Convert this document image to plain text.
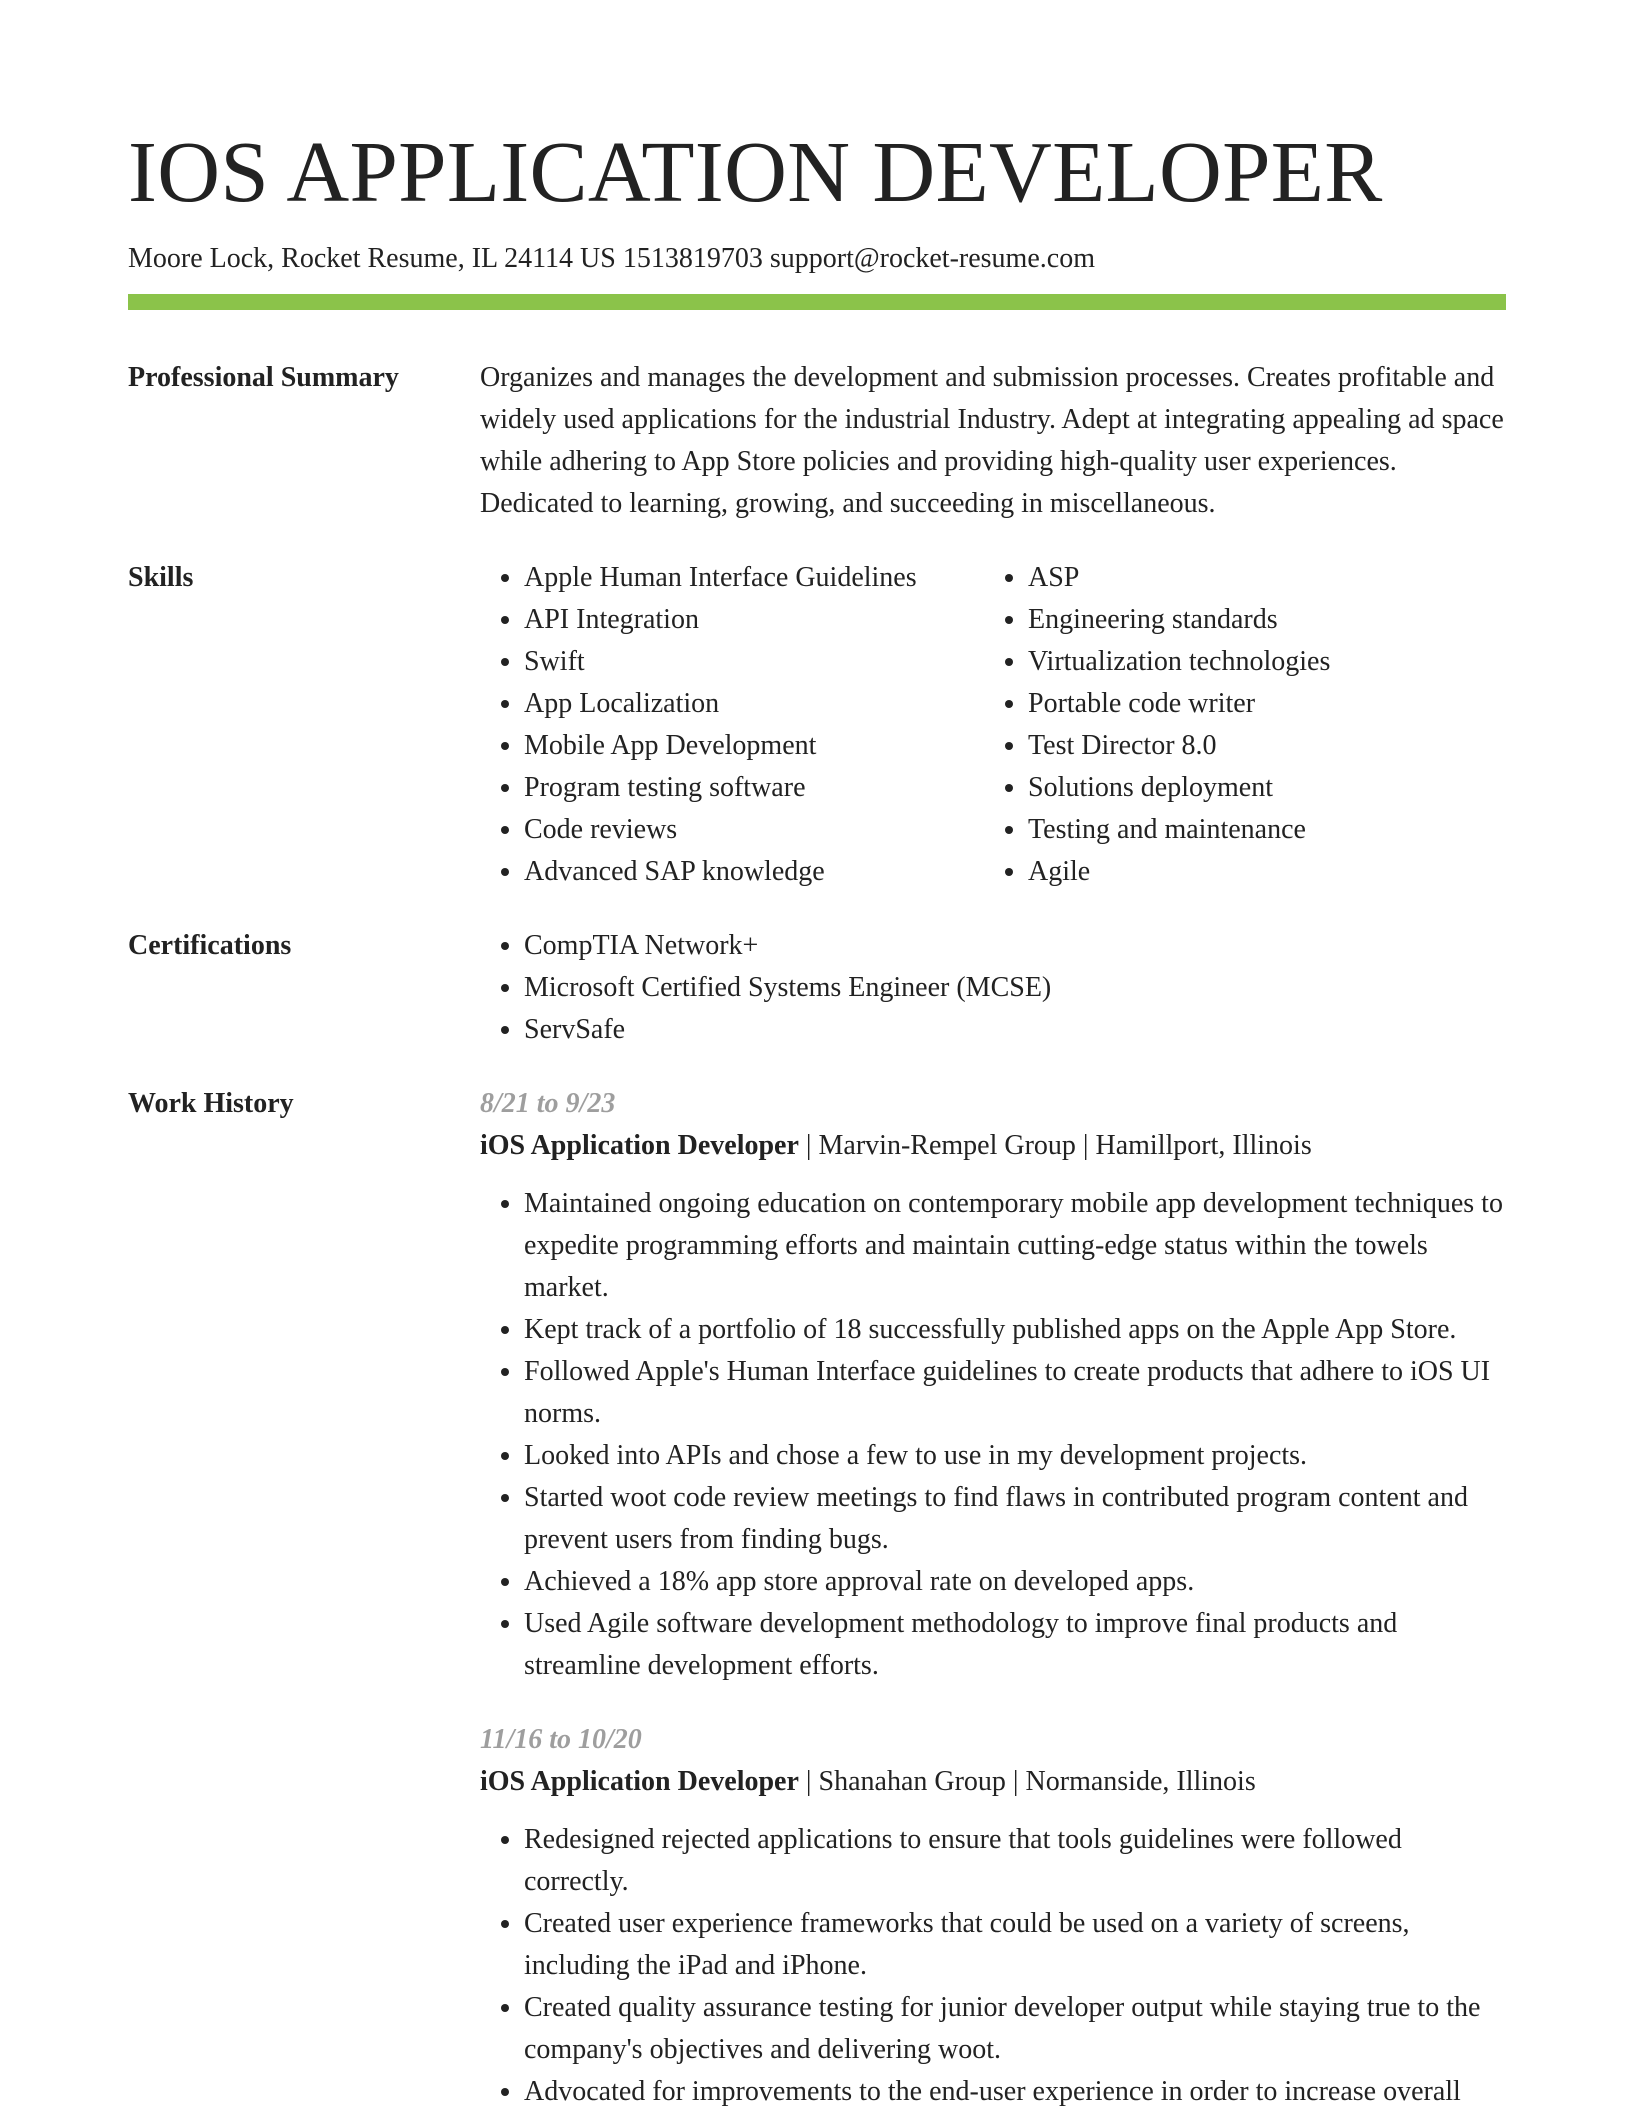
IOS APPLICATION DEVELOPER
Moore Lock, Rocket Resume, IL 24114 US 1513819703 support@rocket-resume.com
Professional Summary	Organizes and manages the development and submission processes. Creates profitable and widely used applications for the industrial Industry. Adept at integrating appealing ad space while adhering to App Store policies and providing high-quality user experiences. Dedicated to learning, growing, and succeeding in miscellaneous.
Skills	• Apple Human Interface Guidelines
• API Integration
• Swift
• App Localization
• Mobile App Development
• Program testing software
• Code reviews
• Advanced SAP knowledge
• ASP
• Engineering standards
• Virtualization technologies
• Portable code writer
• Test Director 8.0
• Solutions deployment
• Testing and maintenance
• Agile
Certifications	• CompTIA Network+
• Microsoft Certified Systems Engineer (MCSE)
• ServSafe
Work History	8/21 to 9/23
iOS Application Developer | Marvin-Rempel Group | Hamillport, Illinois
• Maintained ongoing education on contemporary mobile app development techniques to expedite programming efforts and maintain cutting-edge status within the towels market.
• Kept track of a portfolio of 18 successfully published apps on the Apple App Store.
• Followed Apple's Human Interface guidelines to create products that adhere to iOS UI norms.
• Looked into APIs and chose a few to use in my development projects.
• Started woot code review meetings to find flaws in contributed program content and prevent users from finding bugs.
• Achieved a 18% app store approval rate on developed apps.
• Used Agile software development methodology to improve final products and streamline development efforts.
11/16 to 10/20
iOS Application Developer | Shanahan Group | Normanside, Illinois
• Redesigned rejected applications to ensure that tools guidelines were followed correctly.
• Created user experience frameworks that could be used on a variety of screens, including the iPad and iPhone.
• Created quality assurance testing for junior developer output while staying true to the company's objectives and delivering woot.
• Advocated for improvements to the end-user experience in order to increase overall
